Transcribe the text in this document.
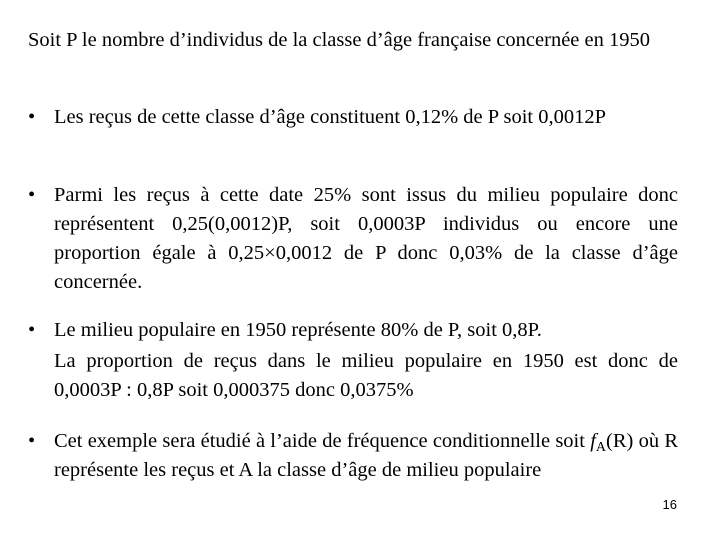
Soit P le nombre d’individus de la classe d’âge française concernée en 1950
• Les reçus de cette classe d’âge constituent 0,12% de P soit 0,0012P
• Parmi les reçus à cette date 25% sont issus du milieu populaire donc représentent 0,25(0,0012)P, soit 0,0003P individus ou encore une proportion égale à 0,25×0,0012 de P donc 0,03% de la classe d’âge concernée.
• Le milieu populaire en 1950 représente 80% de P, soit 0,8P.
La proportion de reçus dans le milieu populaire en 1950 est donc de 0,0003P : 0,8P soit 0,000375 donc 0,0375%
• Cet exemple sera étudié à l’aide de fréquence conditionnelle soit $f_A(R)$ où R représente les reçus et A la classe d’âge de milieu populaire
16
